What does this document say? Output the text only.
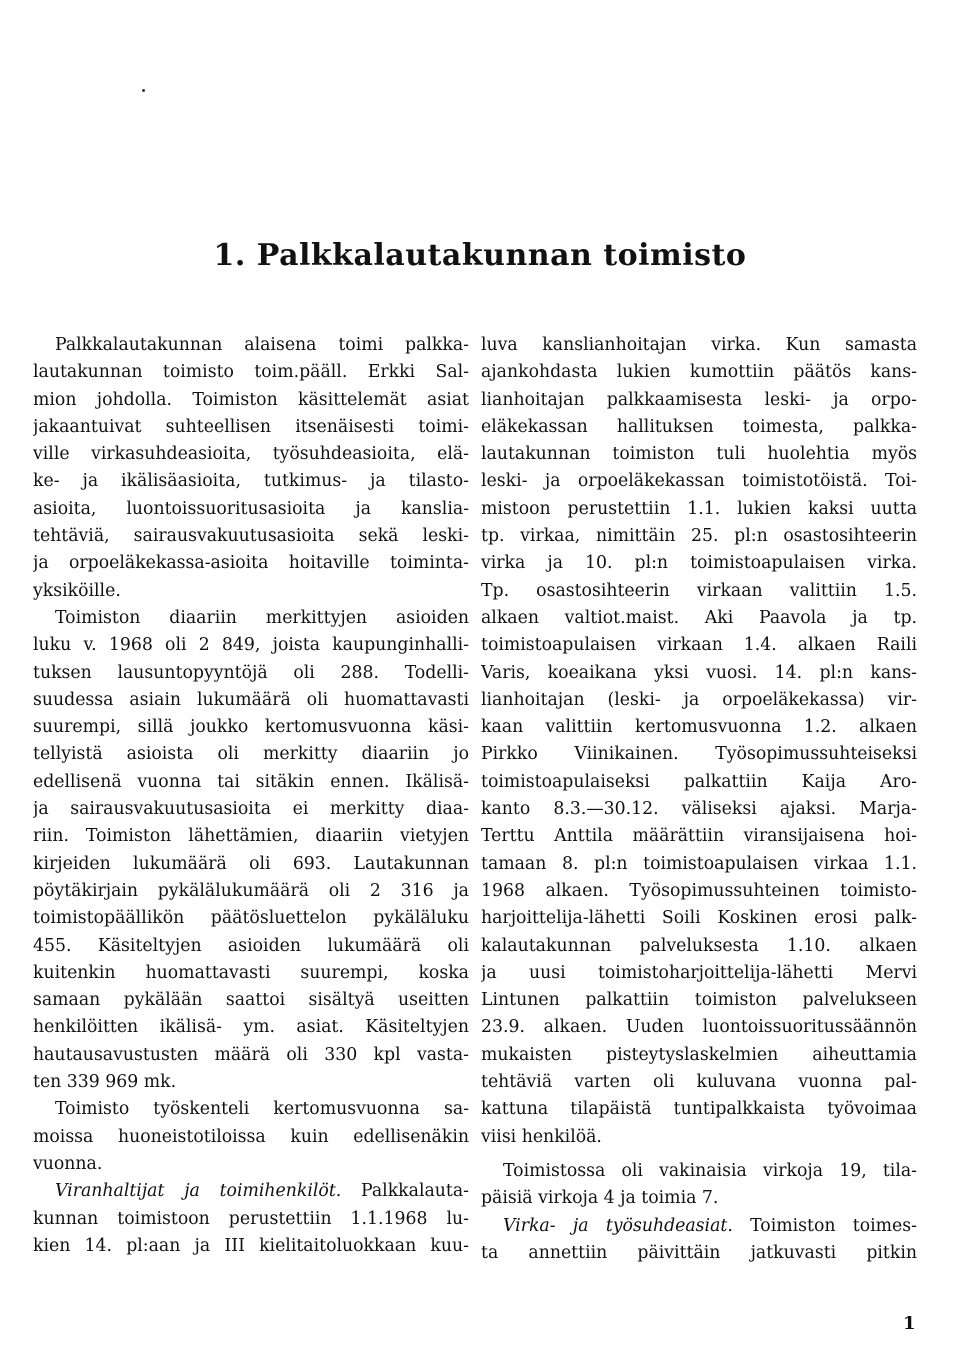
1. Palkkalautakunnan toimisto
Palkkalautakunnan alaisena toimi palkka-
lautakunnan toimisto toim.pääll. Erkki Sal-
mion johdolla. Toimiston käsittelemät asiat
jakaantuivat suhteellisen itsenäisesti toimi-
ville virkasuhdeasioita, työsuhdeasioita, elä-
ke- ja ikälisäasioita, tutkimus- ja tilasto-
asioita, luontoissuoritusasioita ja kanslia-
tehtäviä, sairausvakuutusasioita sekä leski-
ja orpoeläkekassa-asioita hoitaville toiminta-
yksiköille.
Toimiston diaariin merkittyjen asioiden
luku v. 1968 oli 2 849, joista kaupunginhalli-
tuksen lausuntopyyntöjä oli 288. Todelli-
suudessa asiain lukumäärä oli huomattavasti
suurempi, sillä joukko kertomusvuonna käsi-
tellyistä asioista oli merkitty diaariin jo
edellisenä vuonna tai sitäkin ennen. Ikälisä-
ja sairausvakuutusasioita ei merkitty diaa-
riin. Toimiston lähettämien, diaariin vietyjen
kirjeiden lukumäärä oli 693. Lautakunnan
pöytäkirjain pykälälukumäärä oli 2 316 ja
toimistopäällikön päätösluettelon pykäläluku
455. Käsiteltyjen asioiden lukumäärä oli
kuitenkin huomattavasti suurempi, koska
samaan pykälään saattoi sisältyä useitten
henkilöitten ikälisä- ym. asiat. Käsiteltyjen
hautausavustusten määrä oli 330 kpl vasta-
ten 339 969 mk.
Toimisto työskenteli kertomusvuonna sa-
moissa huoneistotiloissa kuin edellisenäkin
vuonna.
Viranhaltijat ja toimihenkilöt. Palkkalauta-
kunnan toimistoon perustettiin 1.1.1968 lu-
kien 14. pl:aan ja III kielitaitoluokkaan kuu-
luva kanslianhoitajan virka. Kun samasta
ajankohdasta lukien kumottiin päätös kans-
lianhoitajan palkkaamisesta leski- ja orpo-
eläkekassan hallituksen toimesta, palkka-
lautakunnan toimiston tuli huolehtia myös
leski- ja orpoeläkekassan toimistotöistä. Toi-
mistoon perustettiin 1.1. lukien kaksi uutta
tp. virkaa, nimittäin 25. pl:n osastosihteerin
virka ja 10. pl:n toimistoapulaisen virka.
Tp. osastosihteerin virkaan valittiin 1.5.
alkaen valtiot.maist. Aki Paavola ja tp.
toimistoapulaisen virkaan 1.4. alkaen Raili
Varis, koeaikana yksi vuosi. 14. pl:n kans-
lianhoitajan (leski- ja orpoeläkekassa) vir-
kaan valittiin kertomusvuonna 1.2. alkaen
Pirkko Viinikainen. Työsopimussuhteiseksi
toimistoapulaiseksi palkattiin Kaija Aro-
kanto 8.3.—30.12. väliseksi ajaksi. Marja-
Terttu Anttila määrättiin viransijaisena hoi-
tamaan 8. pl:n toimistoapulaisen virkaa 1.1.
1968 alkaen. Työsopimussuhteinen toimisto-
harjoittelija-lähetti Soili Koskinen erosi palk-
kalautakunnan palveluksesta 1.10. alkaen
ja uusi toimistoharjoittelija-lähetti Mervi
Lintunen palkattiin toimiston palvelukseen
23.9. alkaen. Uuden luontoissuoritussäännön
mukaisten pisteytyslaskelmien aiheuttamia
tehtäviä varten oli kuluvana vuonna pal-
kattuna tilapäistä tuntipalkkaista työvoimaa
viisi henkilöä.
Toimistossa oli vakinaisia virkoja 19, tila-
päisiä virkoja 4 ja toimia 7.
Virka- ja työsuhdeasiat. Toimiston toimes-
ta annettiin päivittäin jatkuvasti pitkin
1
